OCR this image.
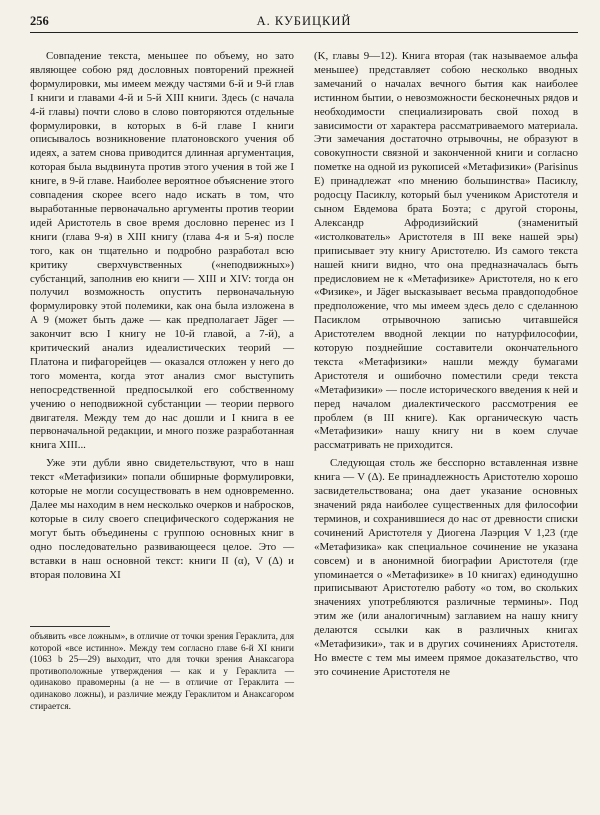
256	А. КУБИЦКИЙ

Совпадение текста, меньшее по объему, но зато являющее собою ряд дословных повторений прежней формулировки, мы имеем между частями 6-й и 9-й глав I книги и главами 4-й и 5-й XIII книги. Здесь (с начала 4-й главы) почти слово в слово повторяются отдельные формулировки, в которых в 6-й главе I книги описывалось возникновение платоновского учения об идеях, а затем снова приводится длинная аргументация, которая была выдвинута против этого учения в той же I книге, в 9-й главе. Наиболее вероятное объяснение этого совпадения скорее всего надо искать в том, что выработанные первоначально аргументы против теории идей Аристотель в свое время дословно перенес из I книги (глава 9-я) в XIII книгу (глава 4-я и 5-я) после того, как он тщательно и подробно разработал всю критику сверхчувственных («неподвижных») субстанций, заполнив ею книги — XIII и XIV: тогда он получил возможность опустить первоначальную формулировку этой полемики, как она была изложена в А 9 (может быть даже — как предполагает Jäger — закончит всю I книгу не 10-й главой, а 7-й), а критический анализ идеалистических теорий — Платона и пифагорейцев — оказался отложен у него до того момента, когда этот анализ смог выступить непосредственной предпосылкой его собственному учению о неподвижной субстанции — теории первого двигателя. Между тем до нас дошли и I книга в ее первоначальной редакции, и много позже разработанная книга XIII...

Уже эти дубли явно свидетельствуют, что в наш текст «Метафизики» попали обширные формулировки, которые не могли сосуществовать в нем одновременно. Далее мы находим в нем несколько очерков и набросков, которые в силу своего специфического содержания не могут быть объединены с группою основных книг в одно последовательно развивающееся целое. Это — вставки в наш основной текст: книги II (α), V (Δ) и вторая половина XI

объявить «все ложным», в отличие от точки зрения Гераклита, для которой «все истинно». Между тем согласно главе 6-й XI книги (1063 b 25—29) выходит, что для точки зрения Анаксагора противоположные утверждения — как и у Гераклита — одинаково правомерны (а не — в отличие от Гераклита — одинаково ложны), и различие между Гераклитом и Анаксагором стирается.

(K, главы 9—12). Книга вторая (так называемое альфа меньшее) представляет собою несколько вводных замечаний о началах вечного бытия как наиболее истинном бытии, о невозможности бесконечных рядов и необходимости специализировать свой поход в зависимости от характера рассматриваемого материала. Эти замечания достаточно отрывочны, не образуют в совокупности связной и законченной книги и согласно пометке на одной из рукописей «Метафизики» (Parisinus E) принадлежат «по мнению большинства» Пасиклу, родосцу Пасиклу, который был учеником Аристотеля и сыном Евдемова брата Боэта; с другой стороны, Александр Афродизийский (знаменитый «истолкователь» Аристотеля в III веке нашей эры) приписывает эту книгу Аристотелю. Из самого текста нашей книги видно, что она предназначалась быть предисловием не к «Метафизике» Аристотеля, но к его «Физике», и Jäger высказывает весьма правдоподобное предположение, что мы имеем здесь дело с сделанною Пасиклом отрывочною записью читавшейся Аристотелем вводной лекции по натурфилософии, которую позднейшие составители окончательного текста «Метафизики» нашли между бумагами Аристотеля и ошибочно поместили среди текста «Метафизики» — после исторического введения к ней и перед началом диалектического рассмотрения ее проблем (в III книге). Как органическую часть «Метафизики» нашу книгу ни в коем случае рассматривать не приходится.

Следующая столь же бесспорно вставленная извне книга — V (Δ). Ее принадлежность Аристотелю хорошо засвидетельствована; она дает указание основных значений ряда наиболее существенных для философии терминов, и сохранившиеся до нас от древности списки сочинений Аристотеля у Диогена Лаэрция V 1,23 (где «Метафизика» как специальное сочинение не указана совсем) и в анонимной биографии Аристотеля (где упоминается о «Метафизике» в 10 книгах) единодушно приписывают Аристотелю работу «о том, во скольких значениях употребляются различные термины». Под этим же (или аналогичным) заглавием на нашу книгу делаются ссылки как в различных книгах «Метафизики», так и в других сочинениях Аристотеля. Но вместе с тем мы имеем прямое доказательство, что это сочинение Аристотеля не
